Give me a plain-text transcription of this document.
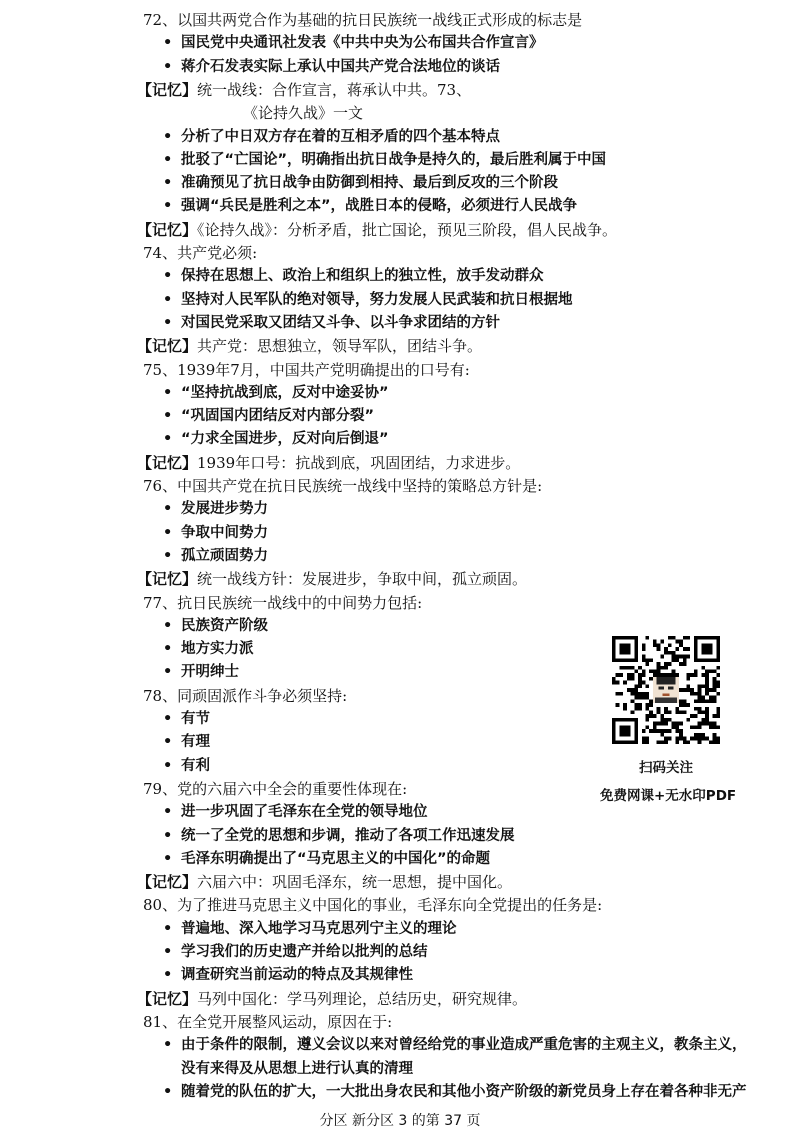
72、以国共两党合作为基础的抗日民族统一战线正式形成的标志是
• 国民党中央通讯社发表《中共中央为公布国共合作宣言》
• 蒋介石发表实际上承认中国共产党合法地位的谈话
【记忆】统一战线：合作宣言，蒋承认中共。73、
《论持久战》一文
• 分析了中日双方存在着的互相矛盾的四个基本特点
• 批驳了“亡国论”，明确指出抗日战争是持久的，最后胜利属于中国
• 准确预见了抗日战争由防御到相持、最后到反攻的三个阶段
• 强调“兵民是胜利之本”，战胜日本的侵略，必须进行人民战争
【记忆】《论持久战》：分析矛盾，批亡国论，预见三阶段，倡人民战争。
74、共产党必须:
• 保持在思想上、政治上和组织上的独立性，放手发动群众
• 坚持对人民军队的绝对领导，努力发展人民武装和抗日根据地
• 对国民党采取又团结又斗争、以斗争求团结的方针
【记忆】共产党：思想独立，领导军队，团结斗争。
75、1939年7月，中国共产党明确提出的口号有:
• “坚持抗战到底，反对中途妥协”
• “巩固国内团结反对内部分裂”
• “力求全国进步，反对向后倒退”
【记忆】1939年口号：抗战到底，巩固团结，力求进步。
76、中国共产党在抗日民族统一战线中坚持的策略总方针是:
• 发展进步势力
• 争取中间势力
• 孤立顽固势力
【记忆】统一战线方针：发展进步，争取中间，孤立顽固。
77、抗日民族统一战线中的中间势力包括:
• 民族资产阶级
• 地方实力派
• 开明绅士
78、同顽固派作斗争必须坚持:
• 有节
• 有理
• 有利
79、党的六届六中全会的重要性体现在:
• 进一步巩固了毛泽东在全党的领导地位
• 统一了全党的思想和步调，推动了各项工作迅速发展
• 毛泽东明确提出了“马克思主义的中国化”的命题
【记忆】六届六中：巩固毛泽东，统一思想，提中国化。
80、为了推进马克思主义中国化的事业，毛泽东向全党提出的任务是:
• 普遍地、深入地学习马克思列宁主义的理论
• 学习我们的历史遗产并给以批判的总结
• 调查研究当前运动的特点及其规律性
【记忆】马列中国化：学马列理论，总结历史，研究规律。
81、在全党开展整风运动，原因在于:
• 由于条件的限制，遵义会议以来对曾经给党的事业造成严重危害的主观主义，教条主义，
没有来得及从思想上进行认真的清理
• 随着党的队伍的扩大，一大批出身农民和其他小资产阶级的新党员身上存在着各种非无产
扫码关注
免费网课+无水印PDF
分区 新分区 3 的第 37 页
